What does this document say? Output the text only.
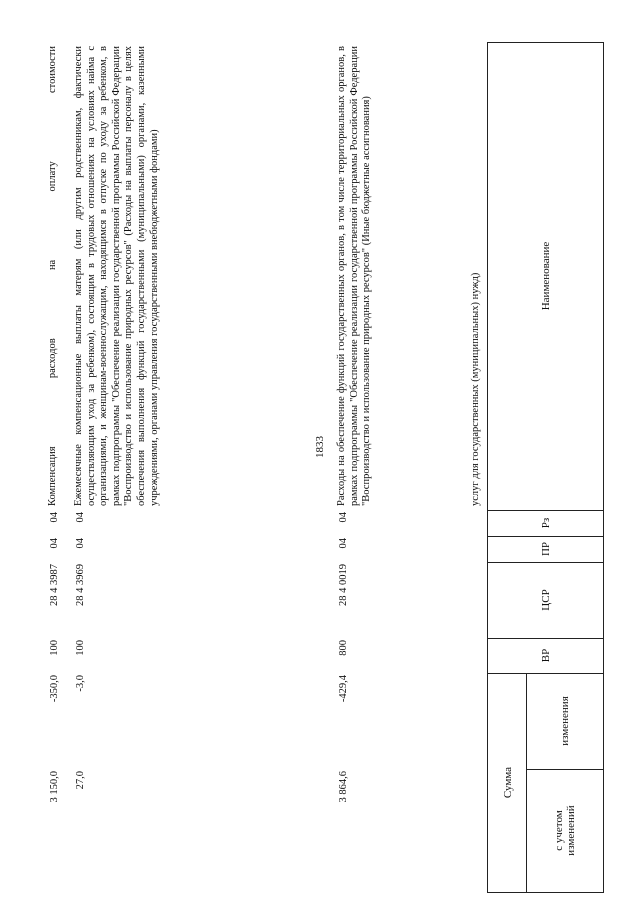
1833
Наименование
Рз
ПР
ЦСР
ВР
Сумма
изменения
с учетом изменений
услуг для государственных (муниципальных) нужд)
Расходы на обеспечение функций государственных органов, в том числе территориальных органов, в рамках подпрограммы "Обеспечение реализации государственной программы Российской Федерации "Воспроизводство и использование природных ресурсов" (Иные бюджетные ассигнования)
04
04
28 4 0019
800
-429,4
3 864,6
Ежемесячные компенсационные выплаты матерям (или другим родственникам, фактически осуществляющим уход за ребенком), состоящим в трудовых отношениях на условиях найма с организациями, и женщинам-военнослужащим, находящимся в отпуске по уходу за ребенком, в рамках подпрограммы "Обеспечение реализации государственной программы Российской Федерации "Воспроизводство и использование природных ресурсов" (Расходы на выплаты персоналу в целях обеспечения выполнения функций государственными (муниципальными) органами, казенными учреждениями, органами управления государственными внебюджетными фондами)
04
04
28 4 3969
100
-3,0
27,0
Компенсация расходов на оплату стоимости
04
04
28 4 3987
100
-350,0
3 150,0
